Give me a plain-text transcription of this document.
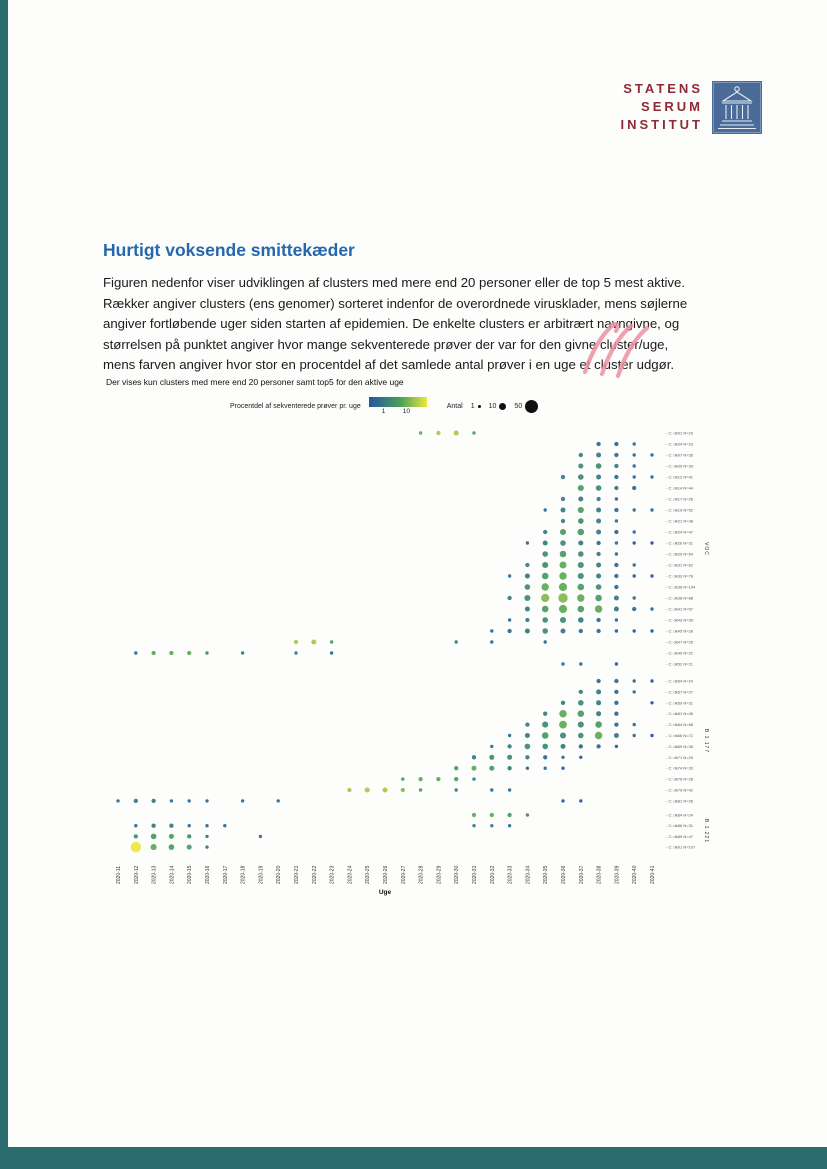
STATENS
SERUM
INSTITUT
Hurtigt voksende smittekæder
Figuren nedenfor viser udviklingen af clusters med mere end 20 personer eller de top 5 mest aktive.
Rækker angiver clusters (ens genomer) sorteret indenfor de overordnede virusklader, mens søjlerne
angiver fortløbende uger siden starten af epidemien. De enkelte clusters er arbitrært navngivne, og
størrelsen på punktet angiver hvor mange sekventerede prøver der var for den givne cluster/uge,
mens farven angiver hvor stor en procentdel af det samlede antal prøver i en uge et cluster udgør.
Der vises kun clusters med mere end 20 personer samt top5 for den aktive uge
Procentdel af sekventerede prøver pr. uge
1	10
Antal 1 10	50
- C: dk01 N=29
- C: dk04 N=23
- C: dk07 N=35
- C: dk09 N=33
- C: dk12 N=41
- C: dk14 N=44
- C: dk17 N=26
- C: dk19 N=52
- C: dk21 N=38
- C: dk24 N=47
- C: dk26 N=31
- C: dk29 N=54
- C: dk31 N=62
- C: dk33 N=78
- C: dk36 N=104
- C: dk38 N=88
- C: dk41 N=57
- C: dk43 N=39
- C: dk45 N=28
- C: dk47 N=25
- C: dk49 N=22
- C: dk52 N=21
VOC
- C: dk54 N=24
- C: dk57 N=27
- C: dk59 N=31
- C: dk61 N=45
- C: dk64 N=58
- C: dk66 N=72
- C: dk69 N=36
- C: dk71 N=29
- C: dk74 N=33
- C: dk76 N=28
- C: dk79 N=42
- C: dk81 N=26
B.1.177
- C: dk84 N=24
- C: dk86 N=31
- C: dk89 N=47
- C: dk91 N=107
B.1.221
2020-11 2020-12 2020-13 2020-14 2020-15 2020-16 2020-17 2020-18 2020-19 2020-20 2020-21 2020-22 2020-23 2020-24 2020-25 2020-26 2020-27 2020-28 2020-29 2020-30 2020-31 2020-32 2020-33 2020-34 2020-35 2020-36 2020-37 2020-38 2020-39 2020-40 2020-41
Uge
